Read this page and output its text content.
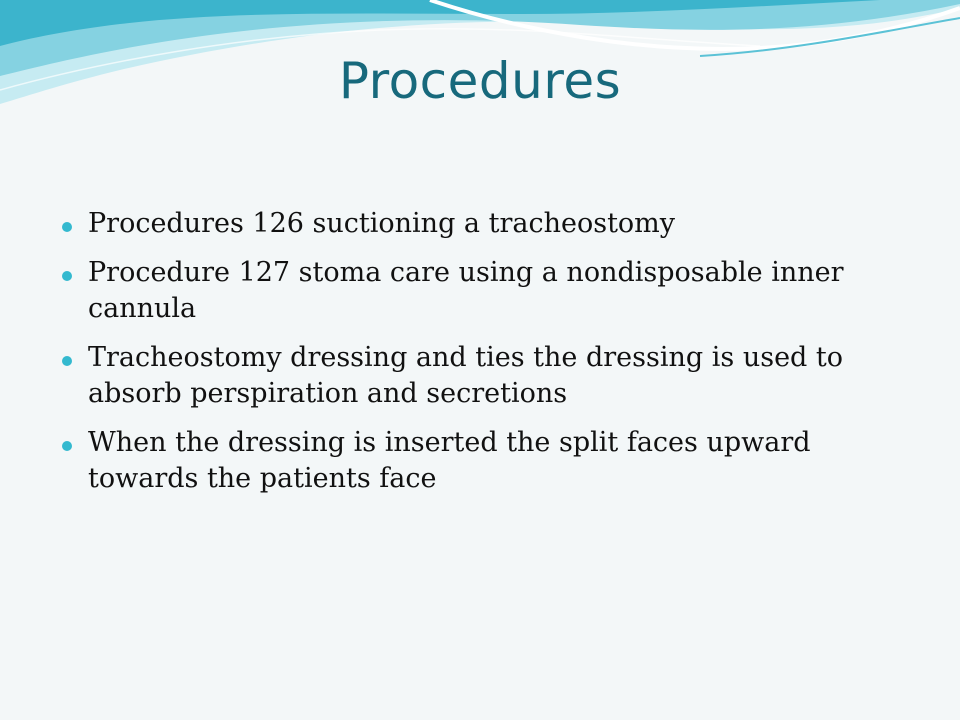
Procedures
Procedures 126 suctioning a tracheostomy
Procedure 127 stoma care using a nondisposable inner cannula
Tracheostomy dressing and ties the dressing is used to absorb perspiration and secretions
When the dressing is inserted the split faces upward towards the patients face
